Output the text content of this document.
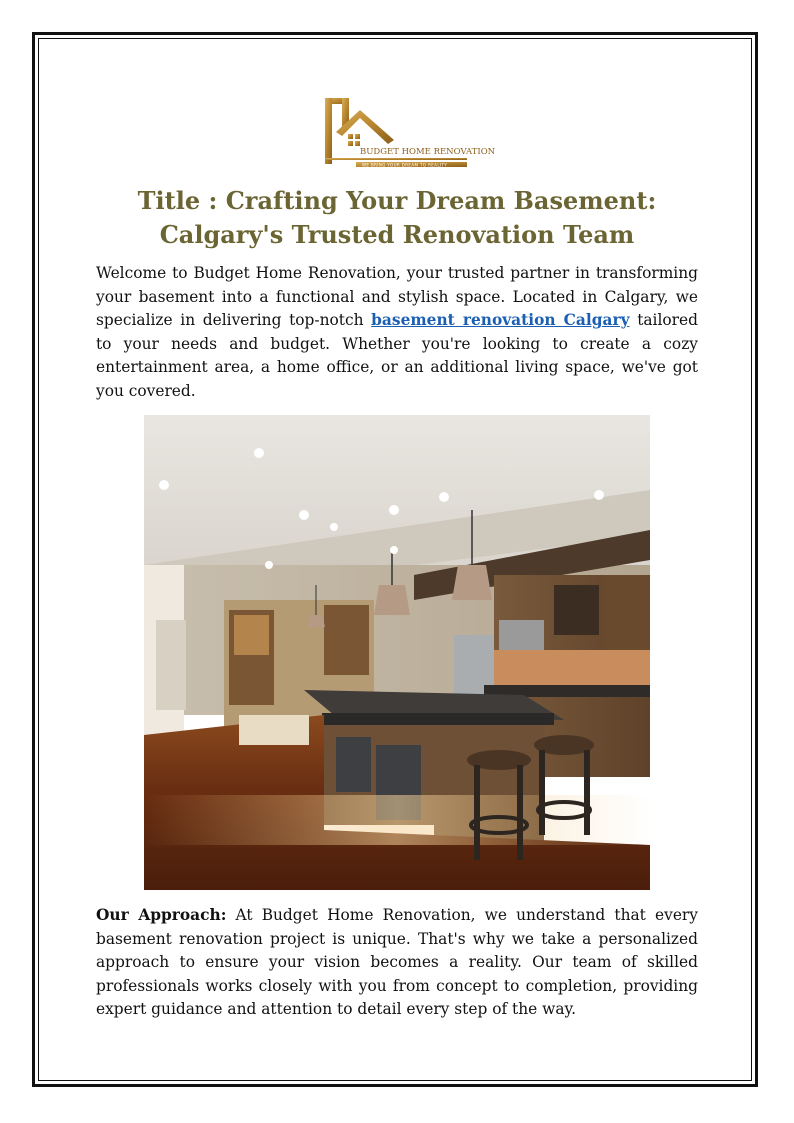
BUDGET HOME RENOVATION
WE BRING YOUR DREAM TO REALITY
Title : Crafting Your Dream Basement: Calgary's Trusted Renovation Team
Welcome to Budget Home Renovation, your trusted partner in transforming your basement into a functional and stylish space. Located in Calgary, we specialize in delivering top-notch basement renovation Calgary tailored to your needs and budget. Whether you're looking to create a cozy entertainment area, a home office, or an additional living space, we've got you covered.
Our Approach: At Budget Home Renovation, we understand that every basement renovation project is unique. That's why we take a personalized approach to ensure your vision becomes a reality. Our team of skilled professionals works closely with you from concept to completion, providing expert guidance and attention to detail every step of the way.
